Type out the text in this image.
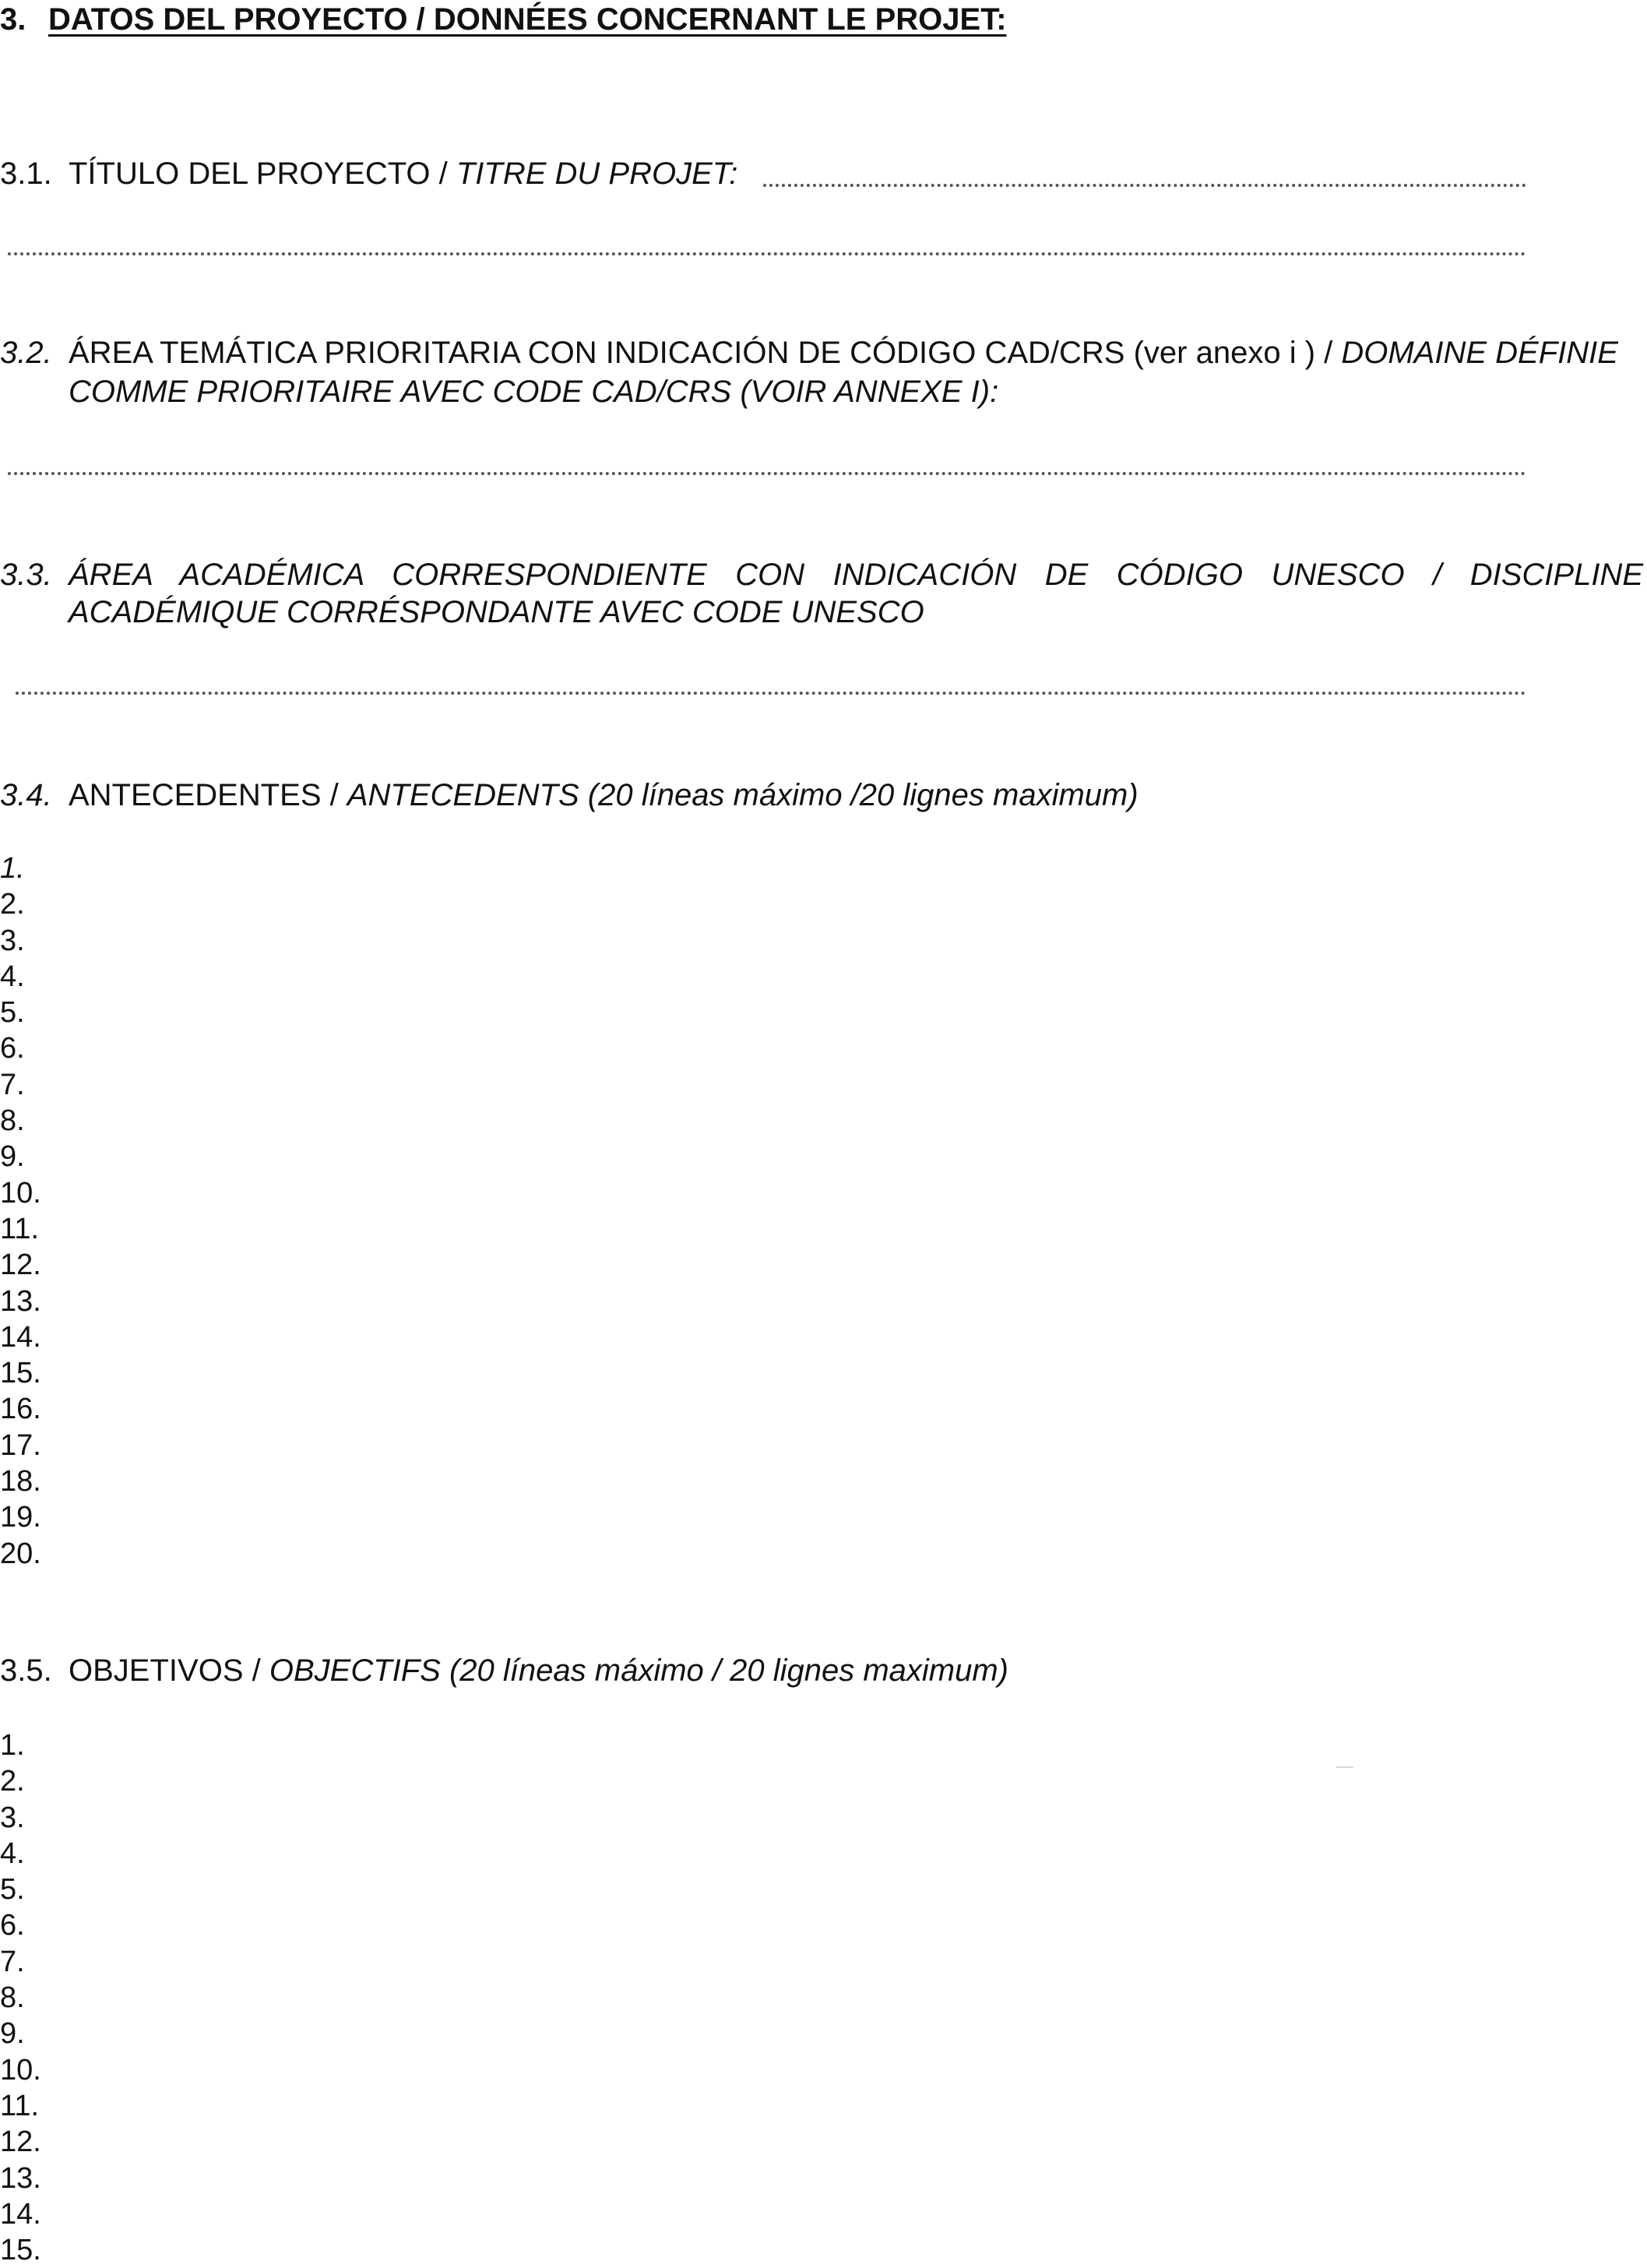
3. DATOS DEL PROYECTO / DONNÉES CONCERNANT LE PROJET:
3.1. TÍTULO DEL PROYECTO / TITRE DU PROJET:
3.2. ÁREA TEMÁTICA PRIORITARIA CON INDICACIÓN DE CÓDIGO CAD/CRS (ver anexo i ) / DOMAINE DÉFINIE
COMME PRIORITAIRE AVEC CODE CAD/CRS (VOIR ANNEXE I):
3.3. ÁREA ACADÉMICA CORRESPONDIENTE CON INDICACIÓN DE CÓDIGO UNESCO / DISCIPLINE
ACADÉMIQUE CORRÉSPONDANTE AVEC CODE UNESCO
3.4. ANTECEDENTES / ANTECEDENTS (20 líneas máximo /20 lignes maximum)
1.
2.
3.
4.
5.
6.
7.
8.
9.
10.
11.
12.
13.
14.
15.
16.
17.
18.
19.
20.
3.5. OBJETIVOS / OBJECTIFS (20 líneas máximo / 20 lignes maximum)
1.
2.
3.
4.
5.
6.
7.
8.
9.
10.
11.
12.
13.
14.
15.
